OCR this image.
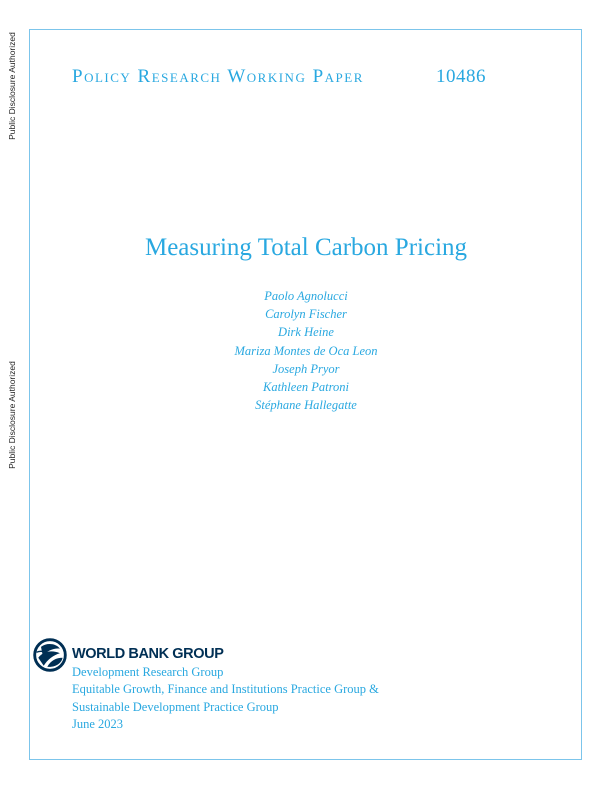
Public Disclosure Authorized
Public Disclosure Authorized
Policy Research Working Paper	10486
Measuring Total Carbon Pricing
Paolo Agnolucci
Carolyn Fischer
Dirk Heine
Mariza Montes de Oca Leon
Joseph Pryor
Kathleen Patroni
Stéphane Hallegatte
WORLD BANK GROUP
Development Research Group
Equitable Growth, Finance and Institutions Practice Group &
Sustainable Development Practice Group
June 2023
